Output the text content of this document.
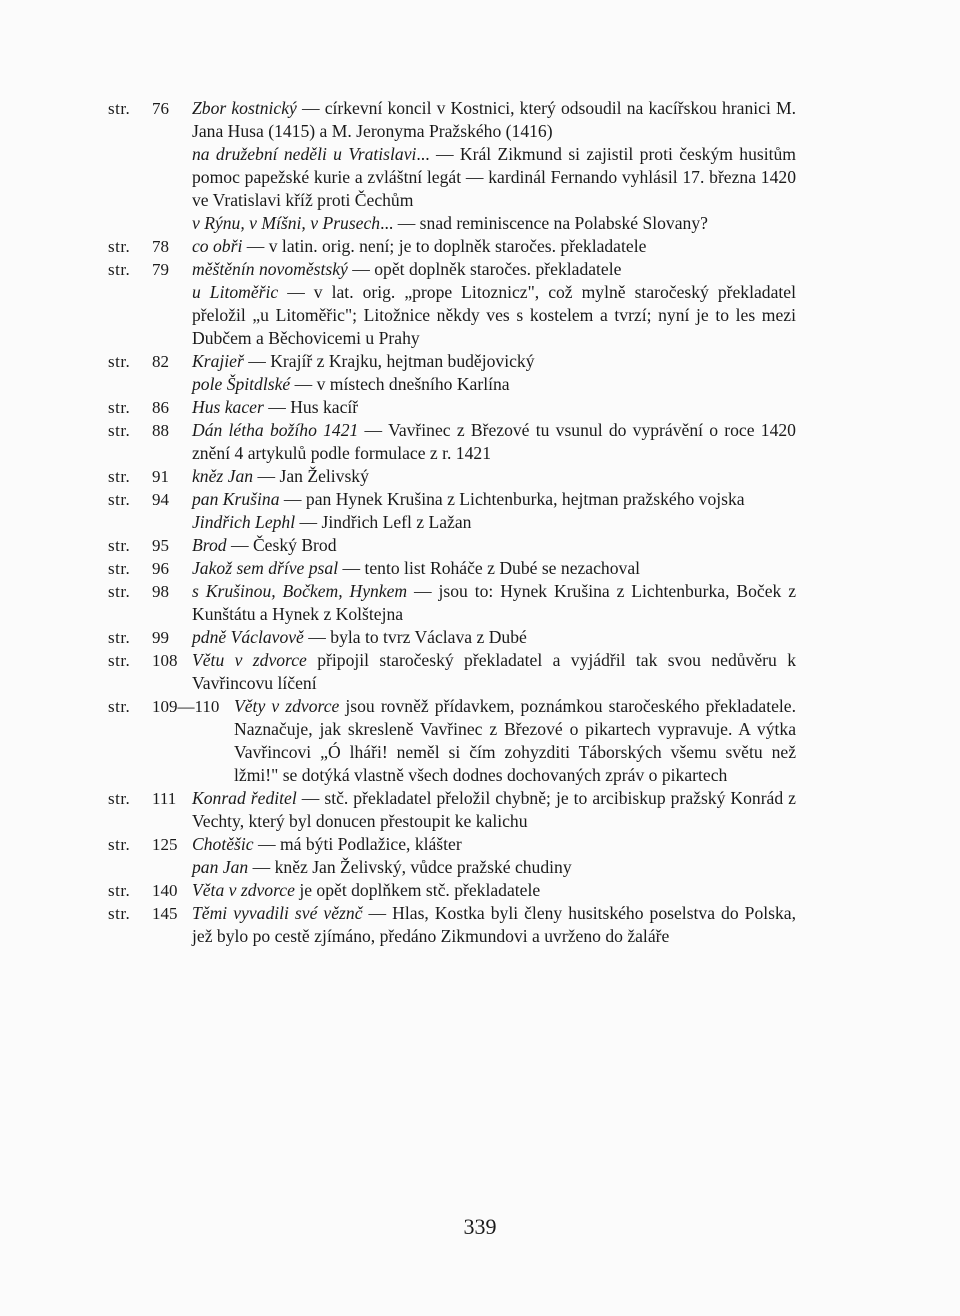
str.	76	Zbor kostnický — církevní koncil v Kostnici, který odsoudil na kacířskou hranici M. Jana Husa (1415) a M. Jeronyma Pražského (1416)
na družební neděli u Vratislavi... — Král Zikmund si zajistil proti českým husitům pomoc papežské kurie a zvláštní legát — kardinál Fernando vyhlásil 17. března 1420 ve Vratislavi kříž proti Čechům
v Rýnu, v Míšni, v Prusech... — snad reminiscence na Polabské Slovany?
str.	78	co obři — v latin. orig. není; je to doplněk staročes. překladatele
str.	79	měštěnín novoměstský — opět doplněk staročes. překladatele
u Litoměřic — v lat. orig. „prope Litoznicz", což mylně staročeský překladatel přeložil „u Litoměřic"; Litožnice někdy ves s kostelem a tvrzí; nyní je to les mezi Dubčem a Běchovicemi u Prahy
str.	82	Krajieř — Krajíř z Krajku, hejtman budějovický
pole Špitdlské — v místech dnešního Karlína
str.	86	Hus kacer — Hus kacíř
str.	88	Dán létha božího 1421 — Vavřinec z Březové tu vsunul do vyprávění o roce 1420 znění 4 artykulů podle formulace z r. 1421
str.	91	kněz Jan — Jan Želivský
str.	94	pan Krušina — pan Hynek Krušina z Lichtenburka, hejtman pražského vojska
Jindřich Lephl — Jindřich Lefl z Lažan
str.	95	Brod — Český Brod
str.	96	Jakož sem dříve psal — tento list Roháče z Dubé se nezachoval
str.	98	s Krušinou, Bočkem, Hynkem — jsou to: Hynek Krušina z Lichtenburka, Boček z Kunštátu a Hynek z Kolštejna
str.	99	pdně Václavově — byla to tvrz Václava z Dubé
str.	108 Větu v zdvorce připojil staročeský překladatel a vyjádřil tak svou nedůvěru k Vavřincovu líčení
str.	109—110 Věty v zdvorce jsou rovněž přídavkem, poznámkou staročeského překladatele. Naznačuje, jak skresleně Vavřinec z Březové o pikartech vypravuje. A výtka Vavřincovi „Ó lháři! neměl si čím zohyzditi Táborských všemu světu než lžmi!" se dotýká vlastně všech dodnes dochovaných zpráv o pikartech
str.	111 Konrad ředitel — stč. překladatel přeložil chybně; je to arcibiskup pražský Konrád z Vechty, který byl donucen přestoupit ke kalichu
str.	125 Chotěšic — má býti Podlažice, klášter
pan Jan — kněz Jan Želivský, vůdce pražské chudiny
str.	140 Věta v zdvorce je opět doplňkem stč. překladatele
str.	145 Těmi vyvadili své věznč — Hlas, Kostka byli členy husitského poselstva do Polska, jež bylo po cestě zjímáno, předáno Zikmundovi a uvrženo do žaláře
339
